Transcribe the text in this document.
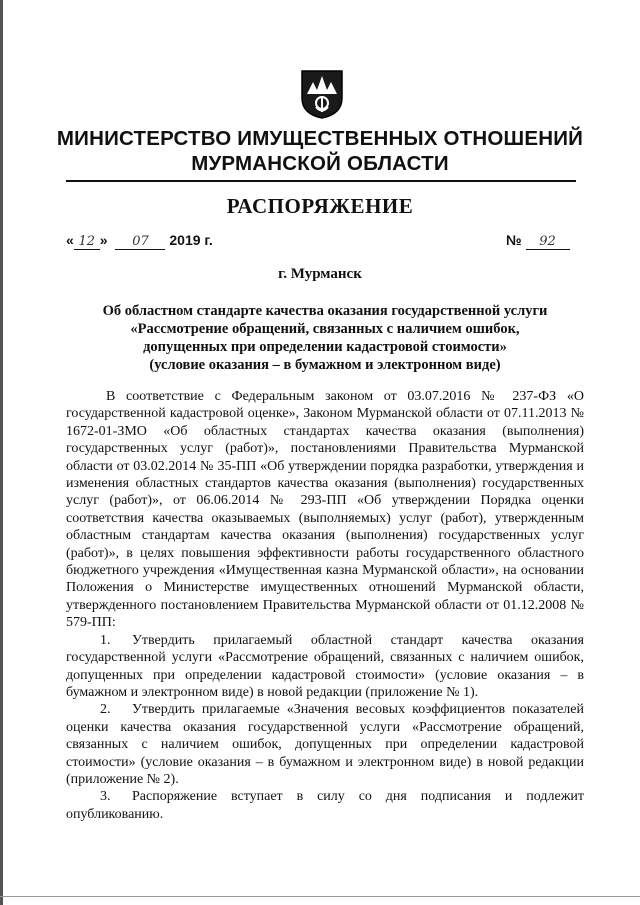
МИНИСТЕРСТВО ИМУЩЕСТВЕННЫХ ОТНОШЕНИЙ
МУРМАНСКОЙ ОБЛАСТИ
РАСПОРЯЖЕНИЕ
« 12 » 07 2019 г.	№ 92
г. Мурманск
Об областном стандарте качества оказания государственной услуги
«Рассмотрение обращений, связанных с наличием ошибок,
допущенных при определении кадастровой стоимости»
(условие оказания – в бумажном и электронном виде)

В соответствие с Федеральным законом от 03.07.2016 № 237-ФЗ «О государственной кадастровой оценке», Законом Мурманской области от 07.11.2013 № 1672-01-ЗМО «Об областных стандартах качества оказания (выполнения) государственных услуг (работ)», постановлениями Правительства Мурманской области от 03.02.2014 № 35-ПП «Об утверждении порядка разработки, утверждения и изменения областных стандартов качества оказания (выполнения) государственных услуг (работ)», от 06.06.2014 № 293-ПП «Об утверждении Порядка оценки соответствия качества оказываемых (выполняемых) услуг (работ), утвержденным областным стандартам качества оказания (выполнения) государственных услуг (работ)», в целях повышения эффективности работы государственного областного бюджетного учреждения «Имущественная казна Мурманской области», на основании Положения о Министерстве имущественных отношений Мурманской области, утвержденного постановлением Правительства Мурманской области от 01.12.2008 № 579-ПП:

1. Утвердить прилагаемый областной стандарт качества оказания государственной услуги «Рассмотрение обращений, связанных с наличием ошибок, допущенных при определении кадастровой стоимости» (условие оказания – в бумажном и электронном виде) в новой редакции (приложение № 1).

2. Утвердить прилагаемые «Значения весовых коэффициентов показателей оценки качества оказания государственной услуги «Рассмотрение обращений, связанных с наличием ошибок, допущенных при определении кадастровой стоимости» (условие оказания – в бумажном и электронном виде) в новой редакции (приложение № 2).

3. Распоряжение вступает в силу со дня подписания и подлежит опубликованию.
